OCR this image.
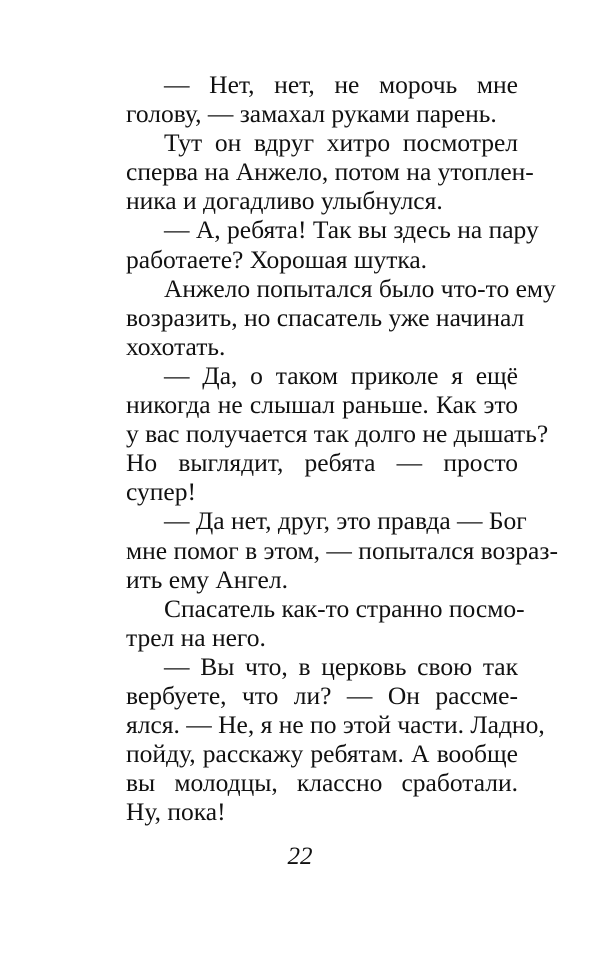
— Нет, нет, не морочь мне
голову, — замахал руками парень.
Тут он вдруг хитро посмотрел
сперва на Анжело, потом на утоплен-
ника и догадливо улыбнулся.
— А, ребята! Так вы здесь на пару
работаете? Хорошая шутка.
Анжело попытался было что-то ему
возразить, но спасатель уже начинал
хохотать.
— Да, о таком приколе я ещё
никогда не слышал раньше. Как это
у вас получается так долго не дышать?
Но выглядит, ребята — просто
супер!
— Да нет, друг, это правда — Бог
мне помог в этом, — попытался возраз-
ить ему Ангел.
Спасатель как-то странно посмо-
трел на него.
— Вы что, в церковь свою так
вербуете, что ли? — Он рассме-
ялся. — Не, я не по этой части. Ладно,
пойду, расскажу ребятам. А вообще
вы молодцы, классно сработали.
Ну, пока!
22
